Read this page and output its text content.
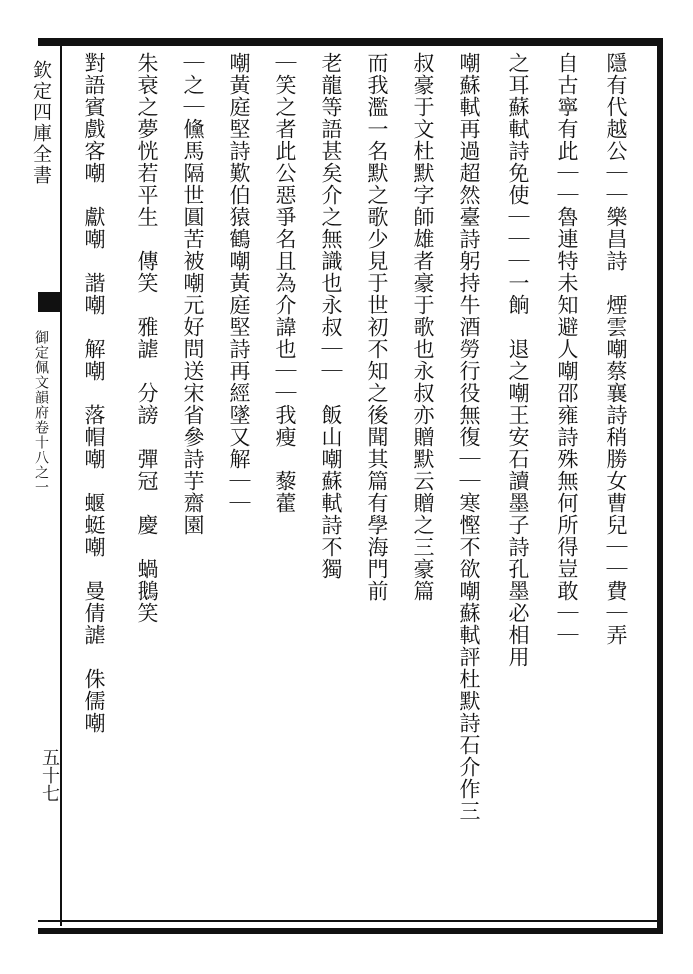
欽定四庫全書
御定佩文韻府卷十八之一
五十七
隱有代越公｜｜樂昌詩　煙雲嘲蔡襄詩稍勝女曹兒｜｜費｜弄
自古寧有此｜｜魯連特未知避人嘲邵雍詩殊無何所得豈敢｜｜
之耳蘇軾詩免使｜｜｜一餉　退之嘲王安石讀墨子詩孔墨必相用
嘲蘇軾再過超然臺詩躬持牛酒勞行役無復｜｜寒慳不欲嘲蘇軾評杜默詩石介作三
叔豪于文杜默字師雄者豪于歌也永叔亦贈默云贈之三豪篇
而我濫一名默之歌少見于世初不知之後聞其篇有學海門前
老龍等語甚矣介之無識也永叔｜｜　飯山嘲蘇軾詩不獨
｜笑之者此公惡爭名且為介諱也｜｜我瘦　藜藿
嘲黃庭堅詩歎伯猿鶴嘲黃庭堅詩再經墜又解｜｜
｜之｜儵馬隔世圓苦被嘲元好問送宋省參詩芋齋園
朱衰之夢恍若平生　傳笑　雅謔　分謗　彈冠　慶　蝸鵝笑
對語賓戲客嘲　獻嘲　諧嘲　解嘲　落帽嘲　蝘蜓嘲　曼倩謔　侏儒嘲
